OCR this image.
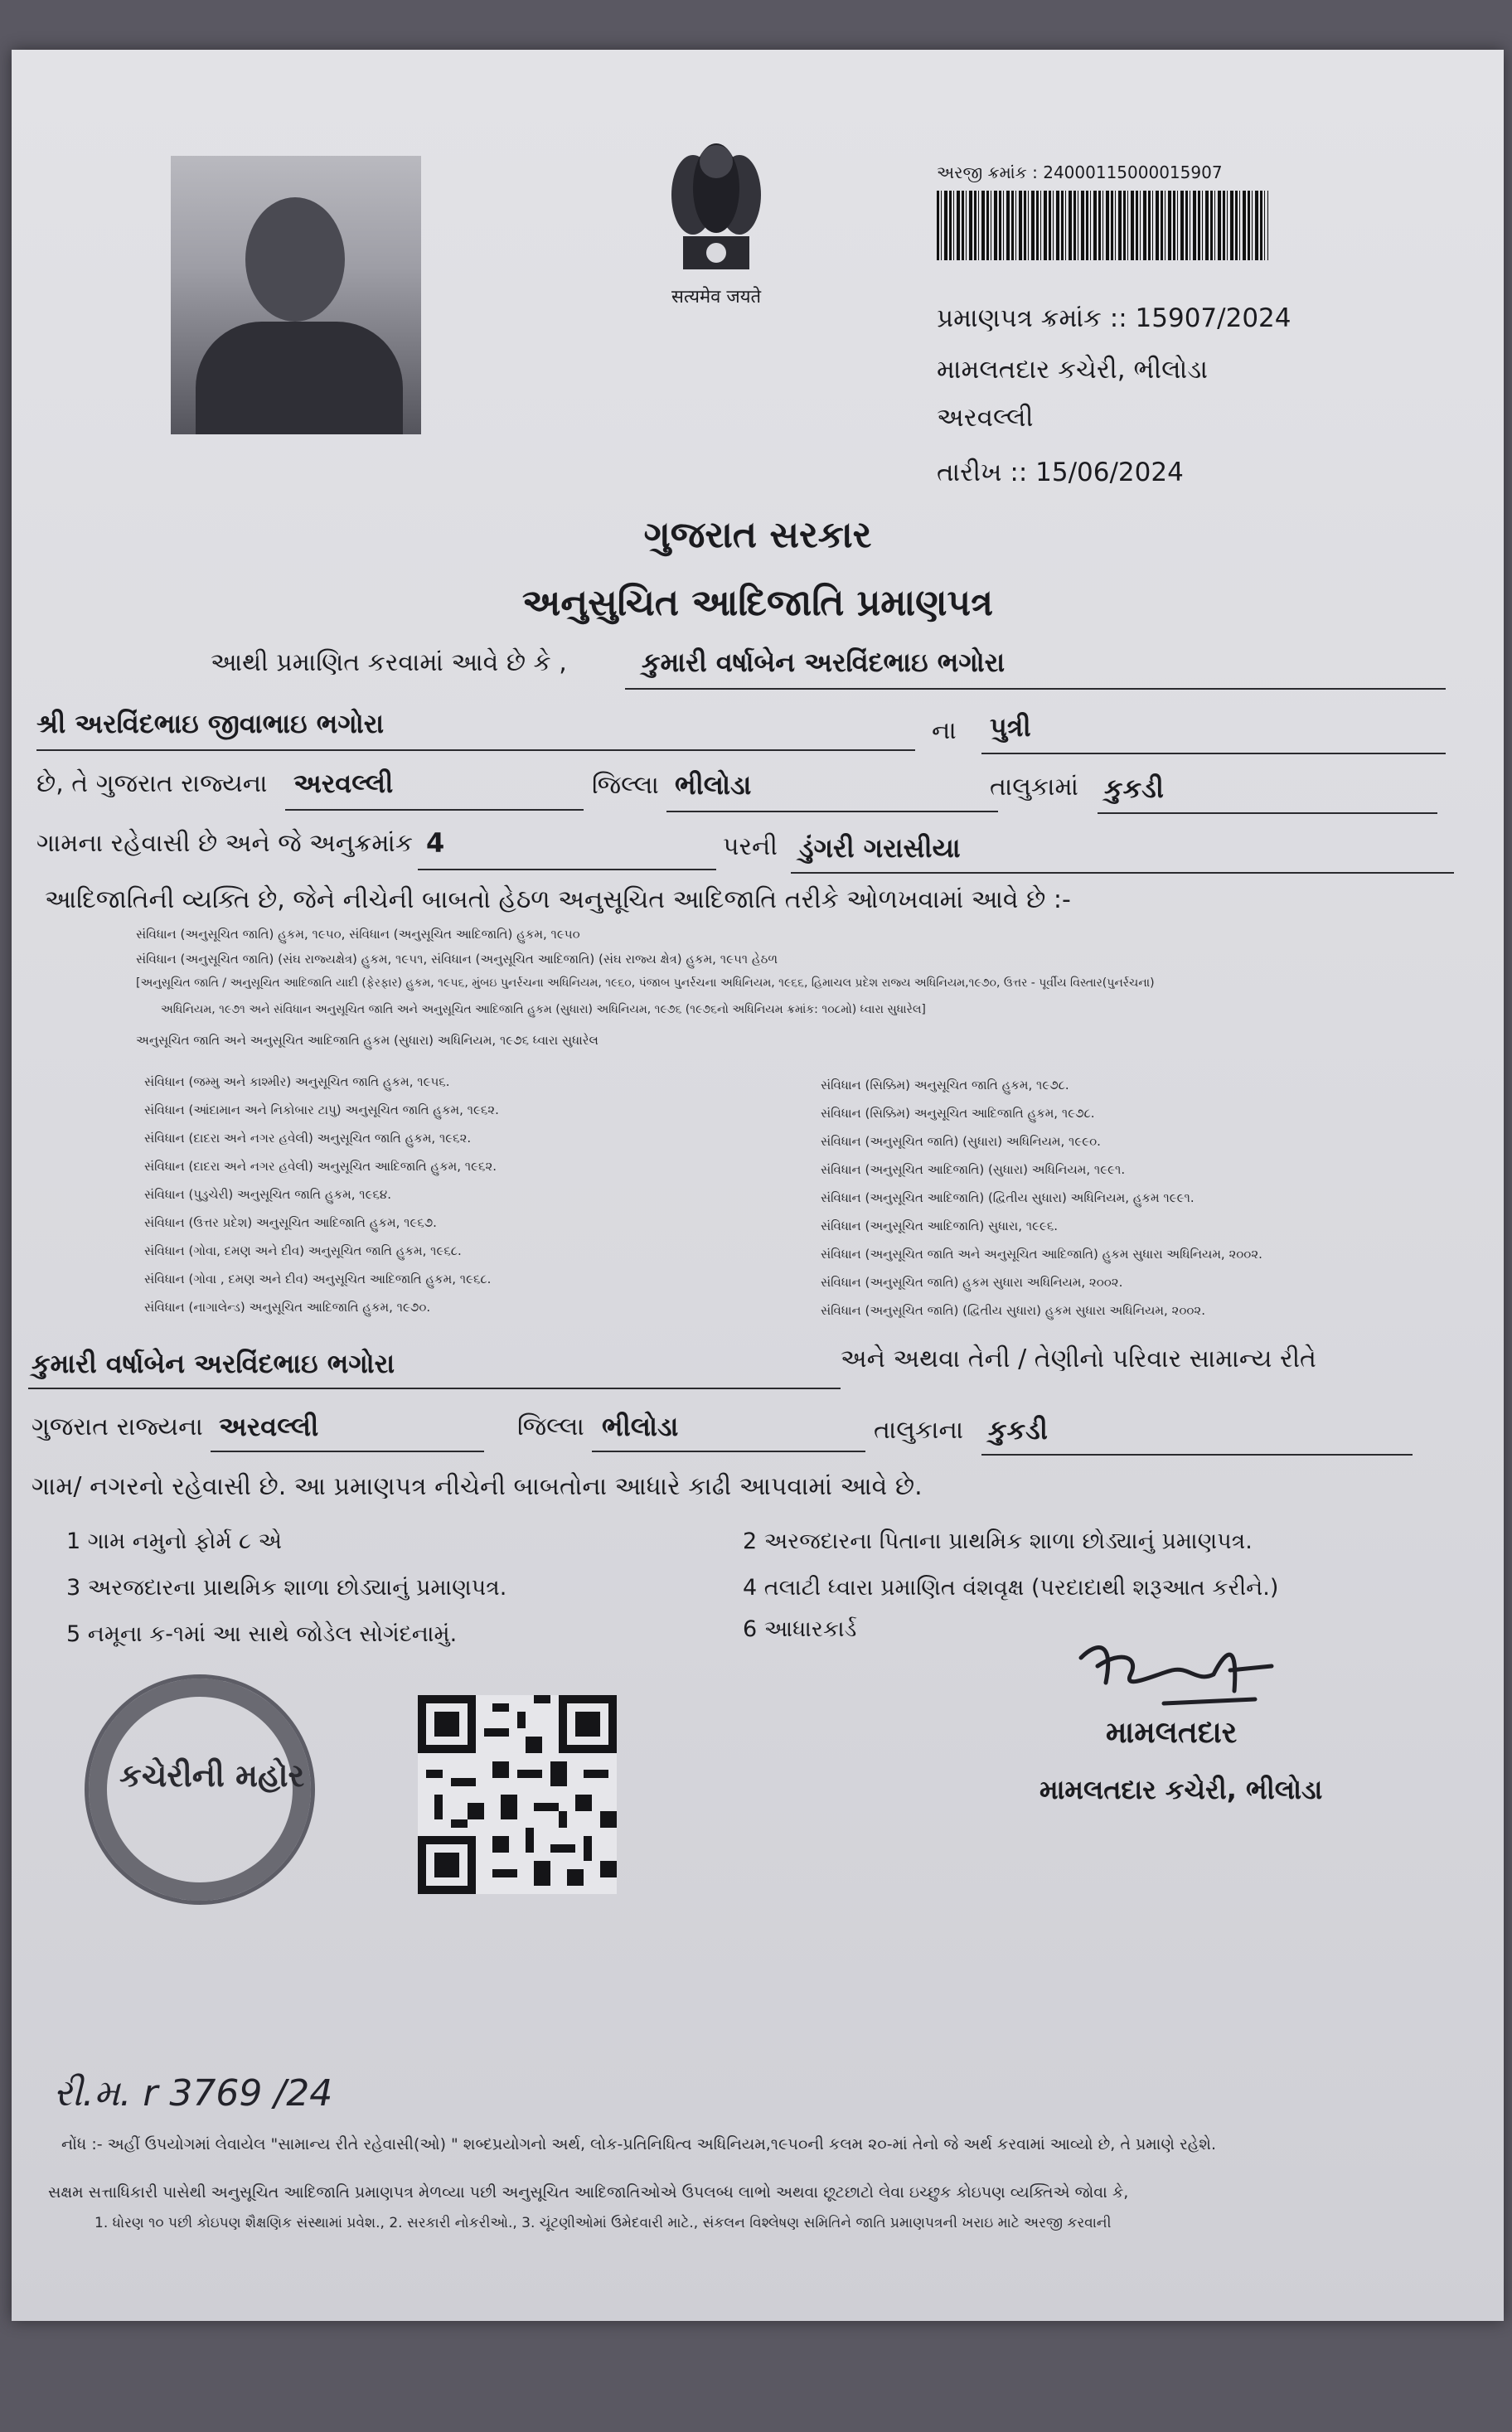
सत्यमेव जयते
અરજી ક્રમાંક : 24000115000015907
પ્રમાણપત્ર ક્રમાંક :: 15907/2024
મામલતદાર કચેરી, ભીલોડા
અરવલ્લી
તારીખ :: 15/06/2024
ગુજરાત સરકાર
અનુસુચિત આદિજાતિ પ્રમાણપત્ર
આથી પ્રમાણિત કરવામાં આવે છે કે ,	કુમારી વર્ષાબેન અરવિંદભાઇ ભગોરા
શ્રી અરવિંદભાઇ જીવાભાઇ ભગોરા	ના પુત્રી
છે, તે ગુજરાત રાજ્યના અરવલ્લી	જિલ્લા ભીલોડા	તાલુકામાં કુકડી
ગામના રહેવાસી છે અને જે અનુક્રમાંક 4	પરની ડુંગરી ગરાસીયા
આદિજાતિની વ્યક્તિ છે, જેને નીચેની બાબતો હેઠળ અનુસૂચિત આદિજાતિ તરીકે ઓળખવામાં આવે છે :-
સંવિધાન (અનુસૂચિત જાતિ) હુકમ, ૧૯૫૦, સંવિધાન (અનુસૂચિત આદિજાતિ) હુકમ, ૧૯૫૦
સંવિધાન (અનુસૂચિત જાતિ) (સંઘ રાજ્યક્ષેત્ર) હુકમ, ૧૯૫૧, સંવિધાન (અનુસૂચિત આદિજાતિ) (સંઘ રાજ્ય ક્ષેત્ર) હુકમ, ૧૯૫૧ હેઠળ
[અનુસૂચિત જાતિ / અનુસૂચિત આદિજાતિ યાદી (ફેરફાર) હુકમ, ૧૯૫૬, મુંબઇ પુનર્રચના અધિનિયમ, ૧૯૬૦, પંજાબ પુનર્રચના અધિનિયમ, ૧૯૬૬, હિમાચલ પ્રદેશ રાજ્ય અધિનિયમ,૧૯૭૦, ઉત્તર - પૂર્વીય વિસ્તાર(પુનર્રચના)
અધિનિયમ, ૧૯૭૧ અને સંવિધાન અનુસૂચિત જાતિ અને અનુસૂચિત આદિજાતિ હુકમ (સુધારા) અધિનિયમ, ૧૯૭૬ (૧૯૭૬નો અધિનિયમ ક્રમાંક: ૧૦૮મો) ધ્વારા સુધારેલ]
અનુસૂચિત જાતિ અને અનુસૂચિત આદિજાતિ હુકમ (સુધારા) અધિનિયમ, ૧૯૭૬ ધ્વારા સુધારેલ
સંવિધાન (જમ્મુ અને કાશ્મીર) અનુસૂચિત જાતિ હુકમ, ૧૯૫૬.
સંવિધાન (આંદામાન અને નિકોબાર ટાપુ) અનુસૂચિત જાતિ હુકમ, ૧૯૬૨.
સંવિધાન (દાદરા અને નગર હવેલી) અનુસૂચિત જાતિ હુકમ, ૧૯૬૨.
સંવિધાન (દાદરા અને નગર હવેલી) અનુસૂચિત આદિજાતિ હુકમ, ૧૯૬૨.
સંવિધાન (પુડુચેરી) અનુસૂચિત જાતિ હુકમ, ૧૯૬૪.
સંવિધાન (ઉત્તર પ્રદેશ) અનુસૂચિત આદિજાતિ હુકમ, ૧૯૬૭.
સંવિધાન (ગોવા, દમણ અને દીવ) અનુસૂચિત જાતિ હુકમ, ૧૯૬૮.
સંવિધાન (ગોવા , દમણ અને દીવ) અનુસૂચિત આદિજાતિ હુકમ, ૧૯૬૮.
સંવિધાન (નાગાલેન્ડ) અનુસૂચિત આદિજાતિ હુકમ, ૧૯૭૦.
સંવિધાન (સિક્કિમ) અનુસૂચિત જાતિ હુકમ, ૧૯૭૮.
સંવિધાન (સિક્કિમ) અનુસૂચિત આદિજાતિ હુકમ, ૧૯૭૮.
સંવિધાન (અનુસૂચિત જાતિ) (સુધારા) અધિનિયમ, ૧૯૯૦.
સંવિધાન (અનુસૂચિત આદિજાતિ) (સુધારા) અધિનિયમ, ૧૯૯૧.
સંવિધાન (અનુસૂચિત આદિજાતિ) (દ્વિતીય સુધારા) અધિનિયમ, હુકમ ૧૯૯૧.
સંવિધાન (અનુસૂચિત આદિજાતિ) સુધારા, ૧૯૯૬.
સંવિધાન (અનુસૂચિત જાતિ અને અનુસૂચિત આદિજાતિ) હુકમ સુધારા અધિનિયમ, ૨૦૦૨.
સંવિધાન (અનુસૂચિત જાતિ) હુકમ સુધારા અધિનિયમ, ૨૦૦૨.
સંવિધાન (અનુસૂચિત જાતિ) (દ્વિતીય સુધારા) હુકમ સુધારા અધિનિયમ, ૨૦૦૨.
કુમારી વર્ષાબેન અરવિંદભાઇ ભગોરા	અને અથવા તેની / તેણીનો પરિવાર સામાન્ય રીતે
ગુજરાત રાજ્યના અરવલ્લી	જિલ્લા ભીલોડા	તાલુકાના કુકડી
ગામ/ નગરનો રહેવાસી છે. આ પ્રમાણપત્ર નીચેની બાબતોના આધારે કાઢી આપવામાં આવે છે.
1 ગામ નમુનો ફોર્મ ૮ એ	2 અરજદારના પિતાના પ્રાથમિક શાળા છોડ્યાનું પ્રમાણપત્ર.
3 અરજદારના પ્રાથમિક શાળા છોડ્યાનું પ્રમાણપત્ર.	4 તલાટી ધ્વારા પ્રમાણિત વંશવૃક્ષ (પરદાદાથી શરૂઆત કરીને.)
5 નમૂના ક-૧માં આ સાથે જોડેલ સોગંદનામું.	6 આધારકાર્ડ
કચેરીની મહોર
મામલતદાર
મામલતદાર કચેરી, ભીલોડા
રી.મ. r 3769 /24
નોંધ :- અહીં ઉપયોગમાં લેવાયેલ "સામાન્ય રીતે રહેવાસી(ઓ) " શબ્દપ્રયોગનો અર્થ, લોક-પ્રતિનિધિત્વ અધિનિયમ,૧૯૫૦ની કલમ ૨૦-માં તેનો જે અર્થ કરવામાં આવ્યો છે, તે પ્રમાણે રહેશે.
સક્ષમ સત્તાધિકારી પાસેથી અનુસૂચિત આદિજાતિ પ્રમાણપત્ર મેળવ્યા પછી અનુસૂચિત આદિજાતિઓએ ઉપલબ્ધ લાભો અથવા છૂટછાટો લેવા ઇચ્છુક કોઇપણ વ્યક્તિએ જોવા કે,
1. ધોરણ ૧૦ પછી કોઇપણ શૈક્ષણિક સંસ્થામાં પ્રવેશ., 2. સરકારી નોકરીઓ., 3. ચૂંટણીઓમાં ઉમેદવારી માટે., સંકલન વિશ્લેષણ સમિતિને જાતિ પ્રમાણપત્રની ખરાઇ માટે અરજી કરવાની
